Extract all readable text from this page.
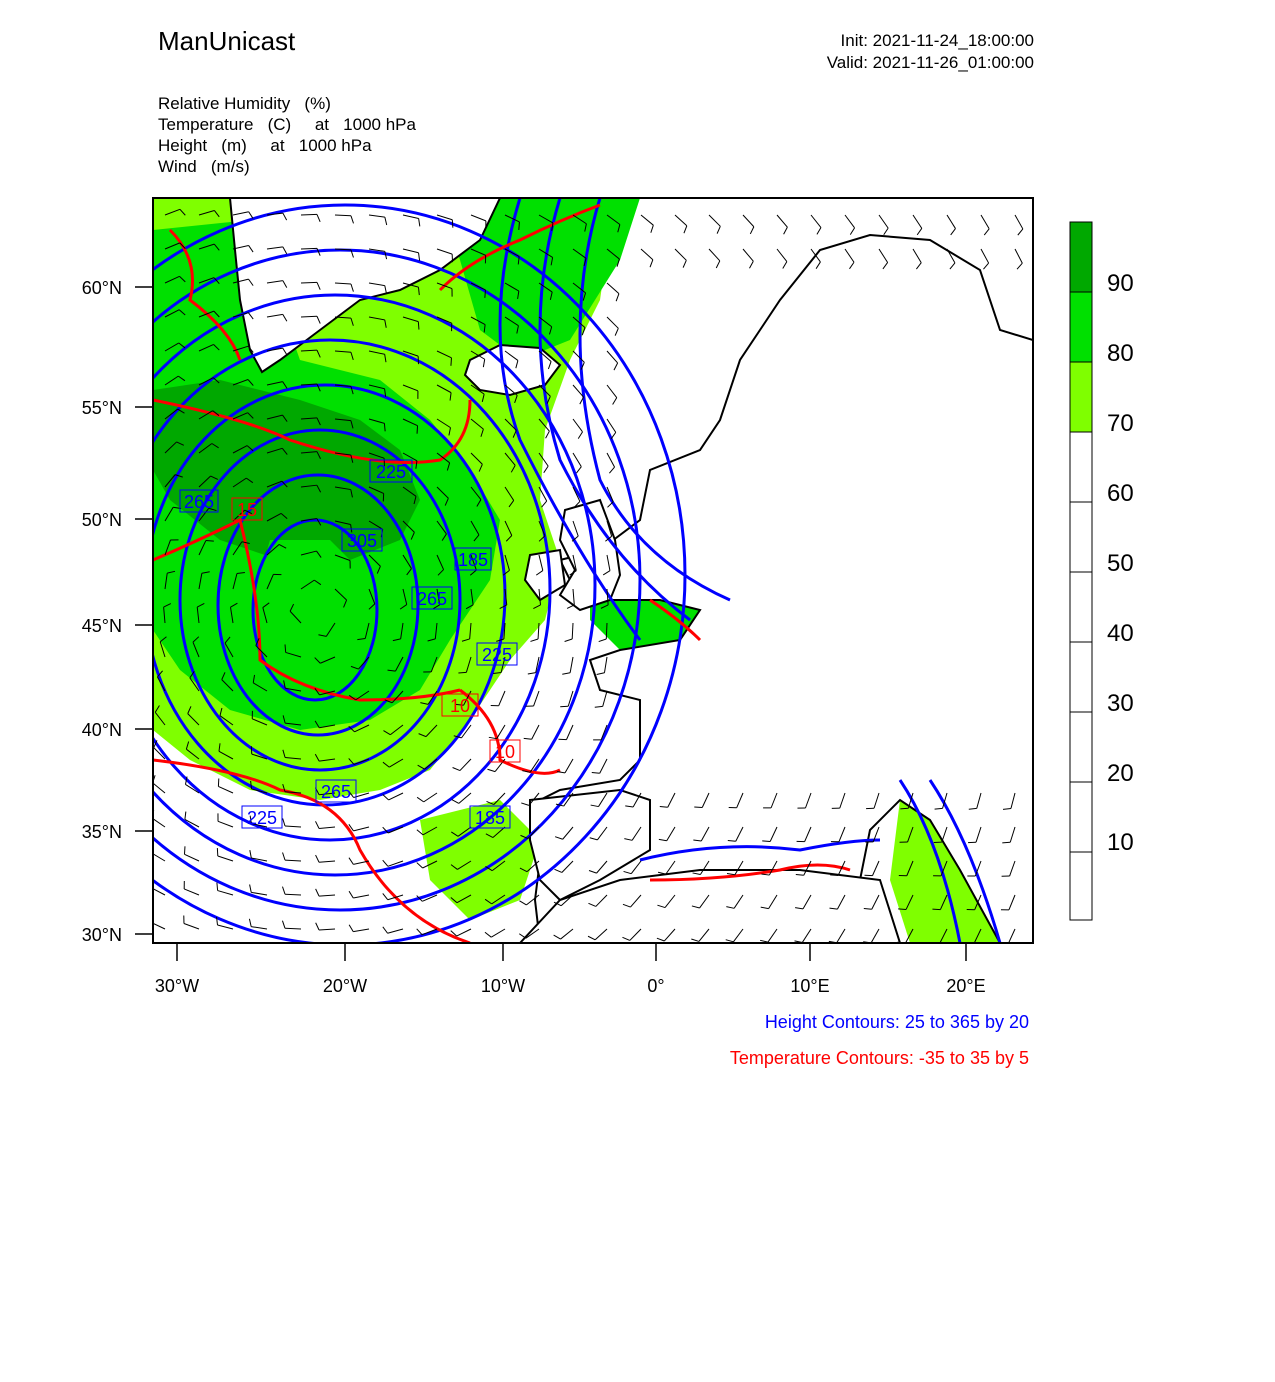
ManUnicast	Init: 2021-11-24_18:00:00
Valid: 2021-11-26_01:00:00
Relative Humidity   (%)
Temperature   (C)     at   1000 hPa
Height   (m)     at   1000 hPa
Wind   (m/s)
60°N
55°N
50°N
45°N
40°N
35°N
30°N
30°W	20°W	10°W	0°	10°E	20°E
265
225
305
185
265
225
265
225	185
15
10
10
90
80
70
60
50
40
30
20
10
Height Contours: 25 to 365 by 20
Temperature Contours: -35 to 35 by 5
